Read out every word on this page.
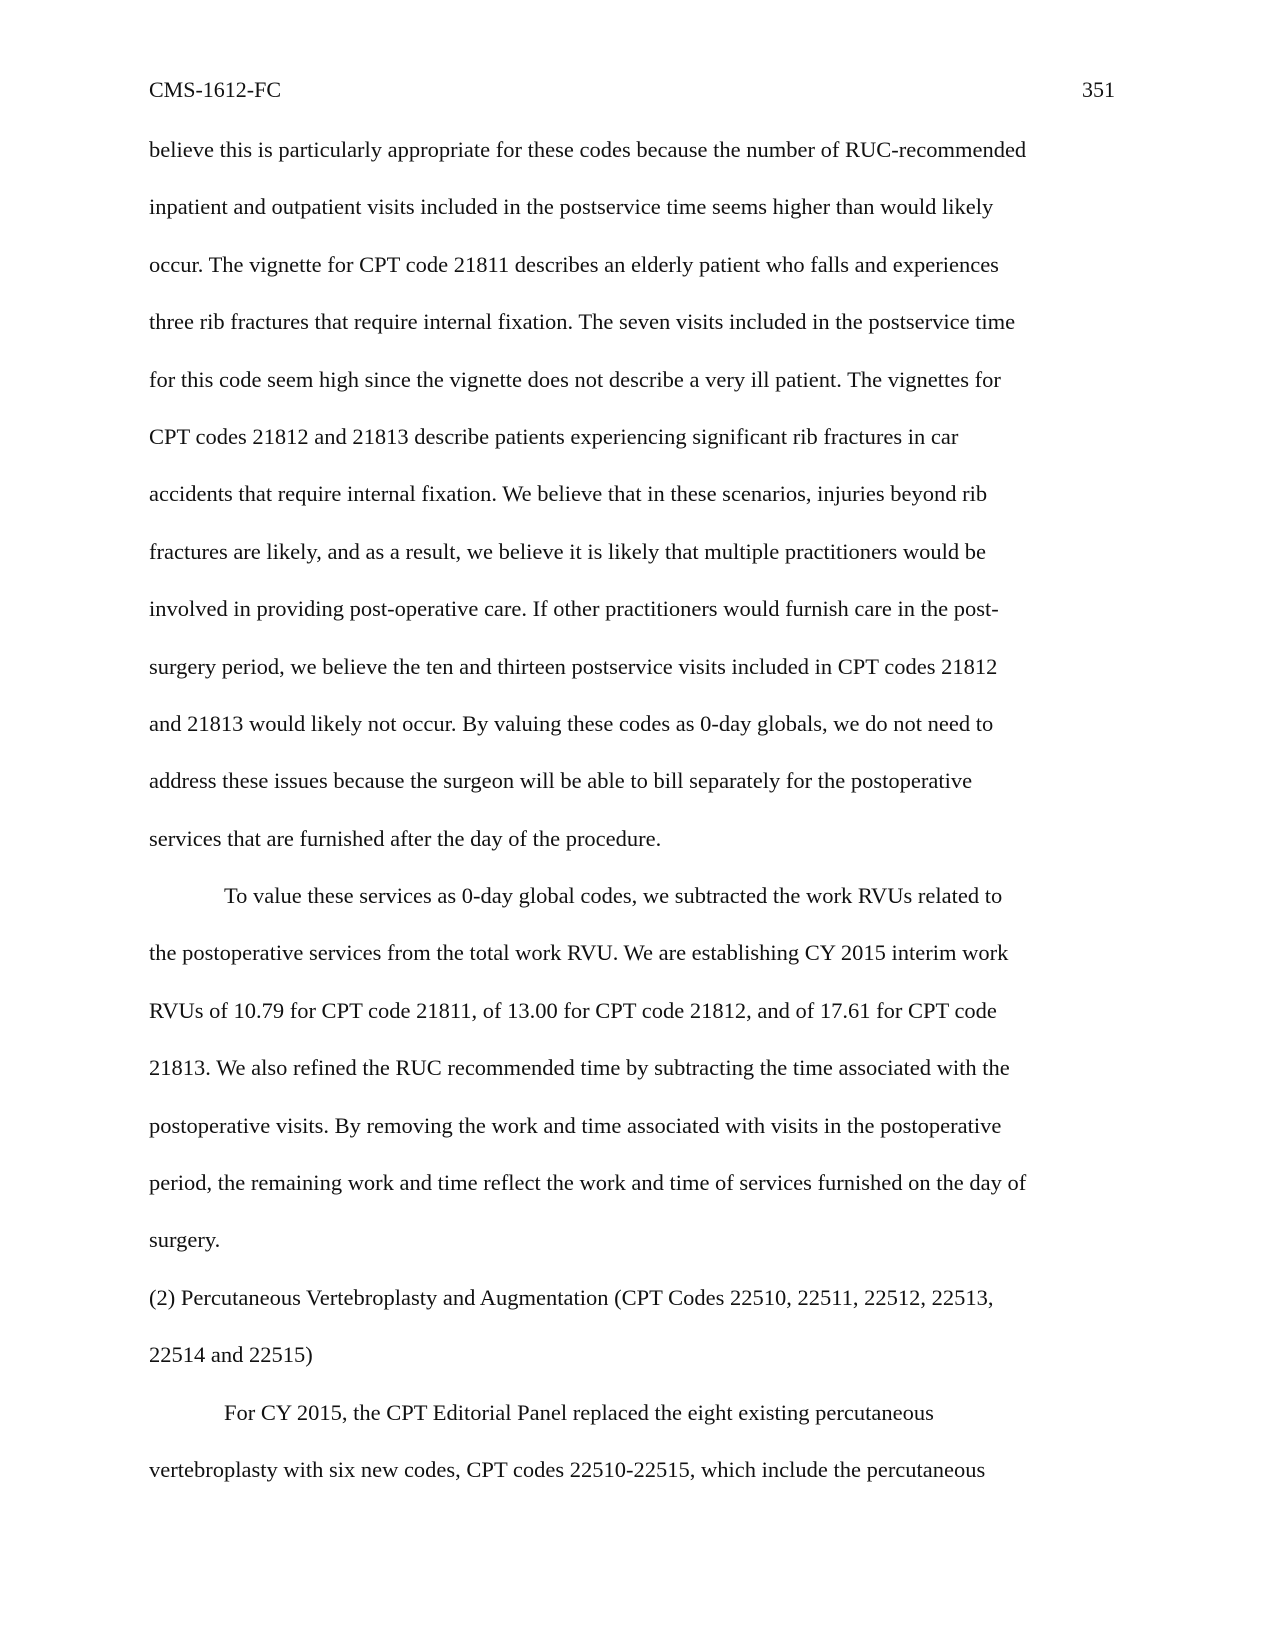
CMS-1612-FC	351
believe this is particularly appropriate for these codes because the number of RUC-recommended
inpatient and outpatient visits included in the postservice time seems higher than would likely
occur. The vignette for CPT code 21811 describes an elderly patient who falls and experiences
three rib fractures that require internal fixation. The seven visits included in the postservice time
for this code seem high since the vignette does not describe a very ill patient. The vignettes for
CPT codes 21812 and 21813 describe patients experiencing significant rib fractures in car
accidents that require internal fixation. We believe that in these scenarios, injuries beyond rib
fractures are likely, and as a result, we believe it is likely that multiple practitioners would be
involved in providing post-operative care. If other practitioners would furnish care in the post-
surgery period, we believe the ten and thirteen postservice visits included in CPT codes 21812
and 21813 would likely not occur. By valuing these codes as 0-day globals, we do not need to
address these issues because the surgeon will be able to bill separately for the postoperative
services that are furnished after the day of the procedure.
To value these services as 0-day global codes, we subtracted the work RVUs related to
the postoperative services from the total work RVU. We are establishing CY 2015 interim work
RVUs of 10.79 for CPT code 21811, of 13.00 for CPT code 21812, and of 17.61 for CPT code
21813. We also refined the RUC recommended time by subtracting the time associated with the
postoperative visits. By removing the work and time associated with visits in the postoperative
period, the remaining work and time reflect the work and time of services furnished on the day of
surgery.
(2) Percutaneous Vertebroplasty and Augmentation (CPT Codes 22510, 22511, 22512, 22513,
22514 and 22515)
For CY 2015, the CPT Editorial Panel replaced the eight existing percutaneous
vertebroplasty with six new codes, CPT codes 22510-22515, which include the percutaneous
